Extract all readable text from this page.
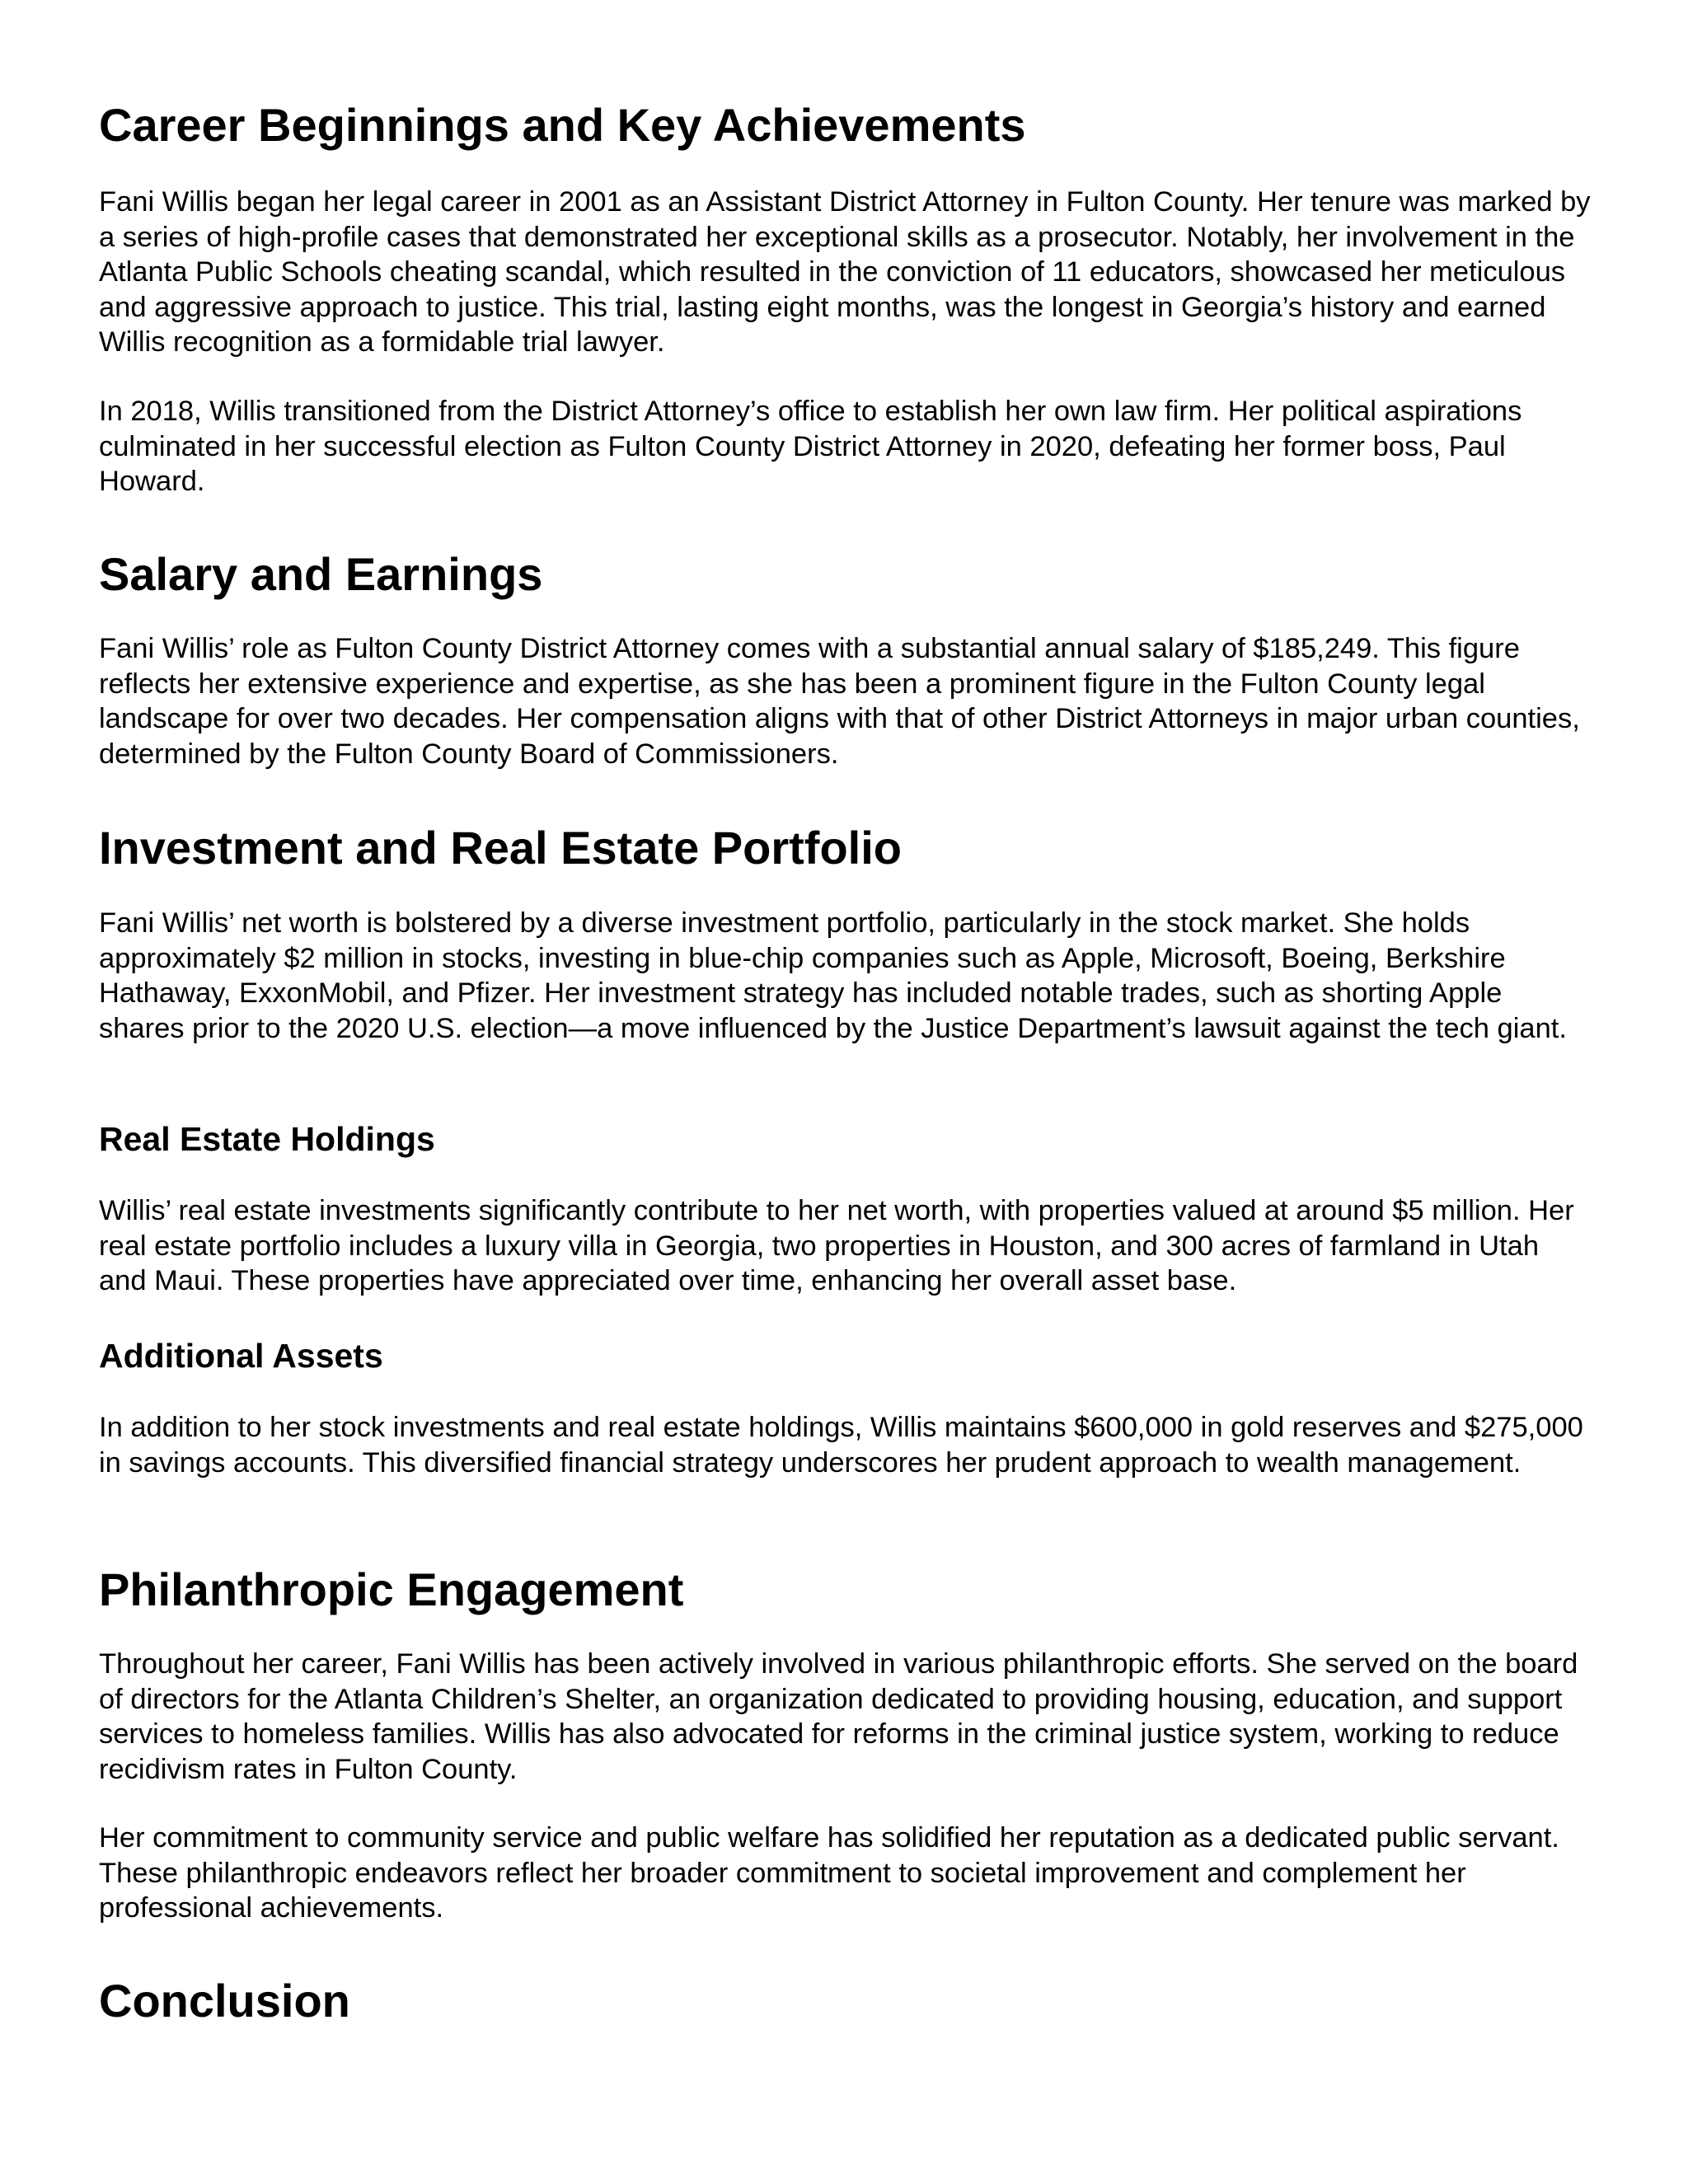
Career Beginnings and Key Achievements

Fani Willis began her legal career in 2001 as an Assistant District Attorney in Fulton County. Her tenure was marked by a series of high-profile cases that demonstrated her exceptional skills as a prosecutor. Notably, her involvement in the Atlanta Public Schools cheating scandal, which resulted in the conviction of 11 educators, showcased her meticulous and aggressive approach to justice. This trial, lasting eight months, was the longest in Georgia’s history and earned Willis recognition as a formidable trial lawyer.

In 2018, Willis transitioned from the District Attorney’s office to establish her own law firm. Her political aspirations culminated in her successful election as Fulton County District Attorney in 2020, defeating her former boss, Paul Howard.

Salary and Earnings

Fani Willis’ role as Fulton County District Attorney comes with a substantial annual salary of $185,249. This figure reflects her extensive experience and expertise, as she has been a prominent figure in the Fulton County legal landscape for over two decades. Her compensation aligns with that of other District Attorneys in major urban counties, determined by the Fulton County Board of Commissioners.

Investment and Real Estate Portfolio

Fani Willis’ net worth is bolstered by a diverse investment portfolio, particularly in the stock market. She holds approximately $2 million in stocks, investing in blue-chip companies such as Apple, Microsoft, Boeing, Berkshire Hathaway, ExxonMobil, and Pfizer. Her investment strategy has included notable trades, such as shorting Apple shares prior to the 2020 U.S. election—a move influenced by the Justice Department’s lawsuit against the tech giant.

Real Estate Holdings

Willis’ real estate investments significantly contribute to her net worth, with properties valued at around $5 million. Her real estate portfolio includes a luxury villa in Georgia, two properties in Houston, and 300 acres of farmland in Utah and Maui. These properties have appreciated over time, enhancing her overall asset base.

Additional Assets

In addition to her stock investments and real estate holdings, Willis maintains $600,000 in gold reserves and $275,000 in savings accounts. This diversified financial strategy underscores her prudent approach to wealth management.

Philanthropic Engagement

Throughout her career, Fani Willis has been actively involved in various philanthropic efforts. She served on the board of directors for the Atlanta Children’s Shelter, an organization dedicated to providing housing, education, and support services to homeless families. Willis has also advocated for reforms in the criminal justice system, working to reduce recidivism rates in Fulton County.

Her commitment to community service and public welfare has solidified her reputation as a dedicated public servant. These philanthropic endeavors reflect her broader commitment to societal improvement and complement her professional achievements.

Conclusion
